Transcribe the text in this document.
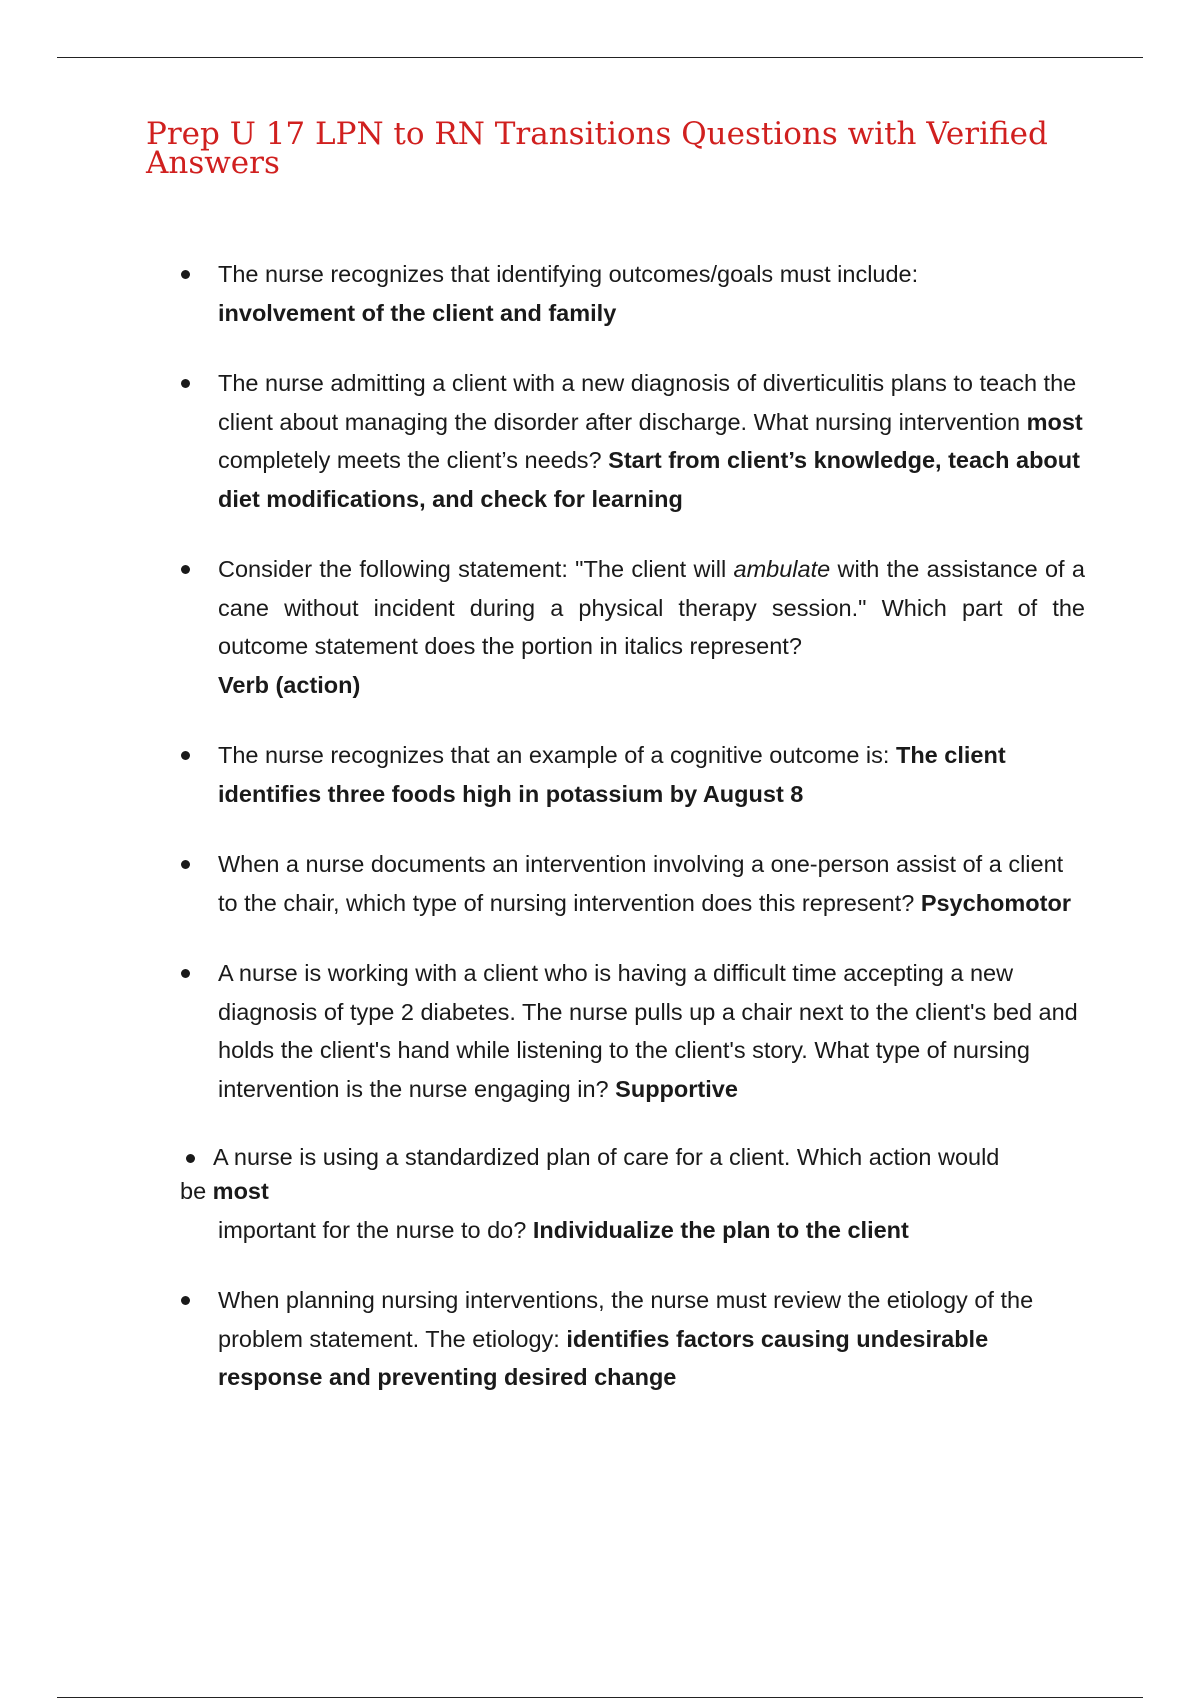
Prep U 17 LPN to RN Transitions Questions with Verified Answers
The nurse recognizes that identifying outcomes/goals must include:
involvement of the client and family
The nurse admitting a client with a new diagnosis of diverticulitis plans to teach the client about managing the disorder after discharge. What nursing intervention most completely meets the client’s needs? Start from client’s knowledge, teach about diet modifications, and check for learning
Consider the following statement: "The client will ambulate with the assistance of a cane without incident during a physical therapy session." Which part of the outcome statement does the portion in italics represent?
Verb (action)
The nurse recognizes that an example of a cognitive outcome is: The client identifies three foods high in potassium by August 8
When a nurse documents an intervention involving a one-person assist of a client to the chair, which type of nursing intervention does this represent? Psychomotor
A nurse is working with a client who is having a difficult time accepting a new diagnosis of type 2 diabetes. The nurse pulls up a chair next to the client's bed and holds the client's hand while listening to the client's story. What type of nursing intervention is the nurse engaging in? Supportive
A nurse is using a standardized plan of care for a client. Which action would
be most
important for the nurse to do? Individualize the plan to the client
When planning nursing interventions, the nurse must review the etiology of the problem statement. The etiology: identifies factors causing undesirable response and preventing desired change
